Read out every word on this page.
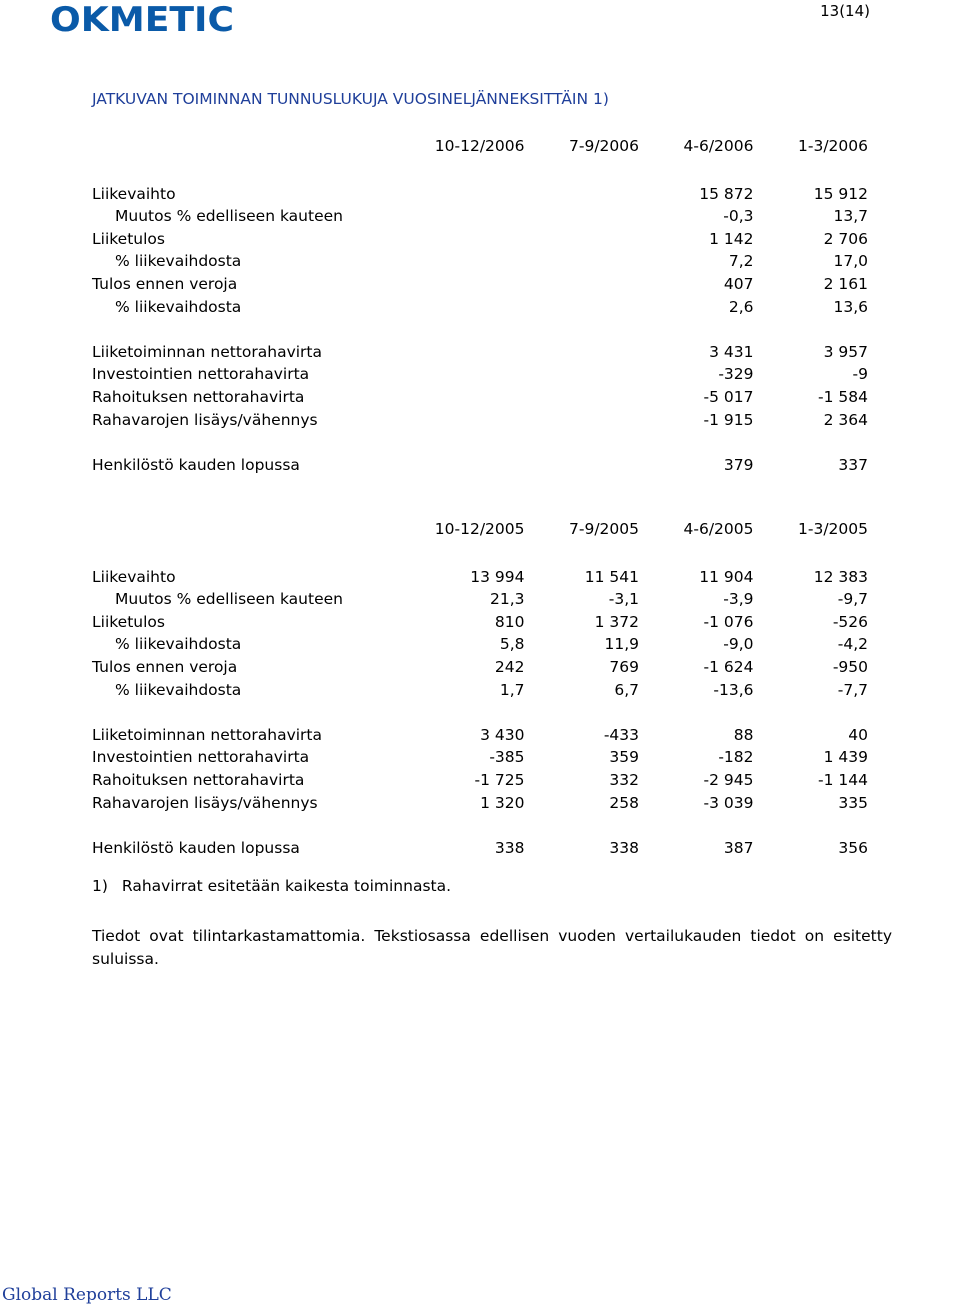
OKMETIC	13(14)
JATKUVAN TOIMINNAN TUNNUSLUKUJA VUOSINELJÄNNEKSITTÄIN 1)
	10-12/2006	7-9/2006	4-6/2006	1-3/2006

Liikevaihto			15 872	15 912
Muutos % edelliseen kauteen			-0,3	13,7
Liiketulos			1 142	2 706
% liikevaihdosta			7,2	17,0
Tulos ennen veroja			407	2 161
% liikevaihdosta			2,6	13,6

Liiketoiminnan nettorahavirta			3 431	3 957
Investointien nettorahavirta			-329	-9
Rahoituksen nettorahavirta			-5 017	-1 584
Rahavarojen lisäys/vähennys			-1 915	2 364

Henkilöstö kauden lopussa			379	337
	10-12/2005	7-9/2005	4-6/2005	1-3/2005

Liikevaihto	13 994	11 541	11 904	12 383
Muutos % edelliseen kauteen	21,3	-3,1	-3,9	-9,7
Liiketulos	810	1 372	-1 076	-526
% liikevaihdosta	5,8	11,9	-9,0	-4,2
Tulos ennen veroja	242	769	-1 624	-950
% liikevaihdosta	1,7	6,7	-13,6	-7,7

Liiketoiminnan nettorahavirta	3 430	-433	88	40
Investointien nettorahavirta	-385	359	-182	1 439
Rahoituksen nettorahavirta	-1 725	332	-2 945	-1 144
Rahavarojen lisäys/vähennys	1 320	258	-3 039	335

Henkilöstö kauden lopussa	338	338	387	356
1) Rahavirrat esitetään kaikesta toiminnasta.
Tiedot ovat tilintarkastamattomia. Tekstiosassa edellisen vuoden vertailukauden tiedot on esitetty suluissa.
Global Reports LLC
